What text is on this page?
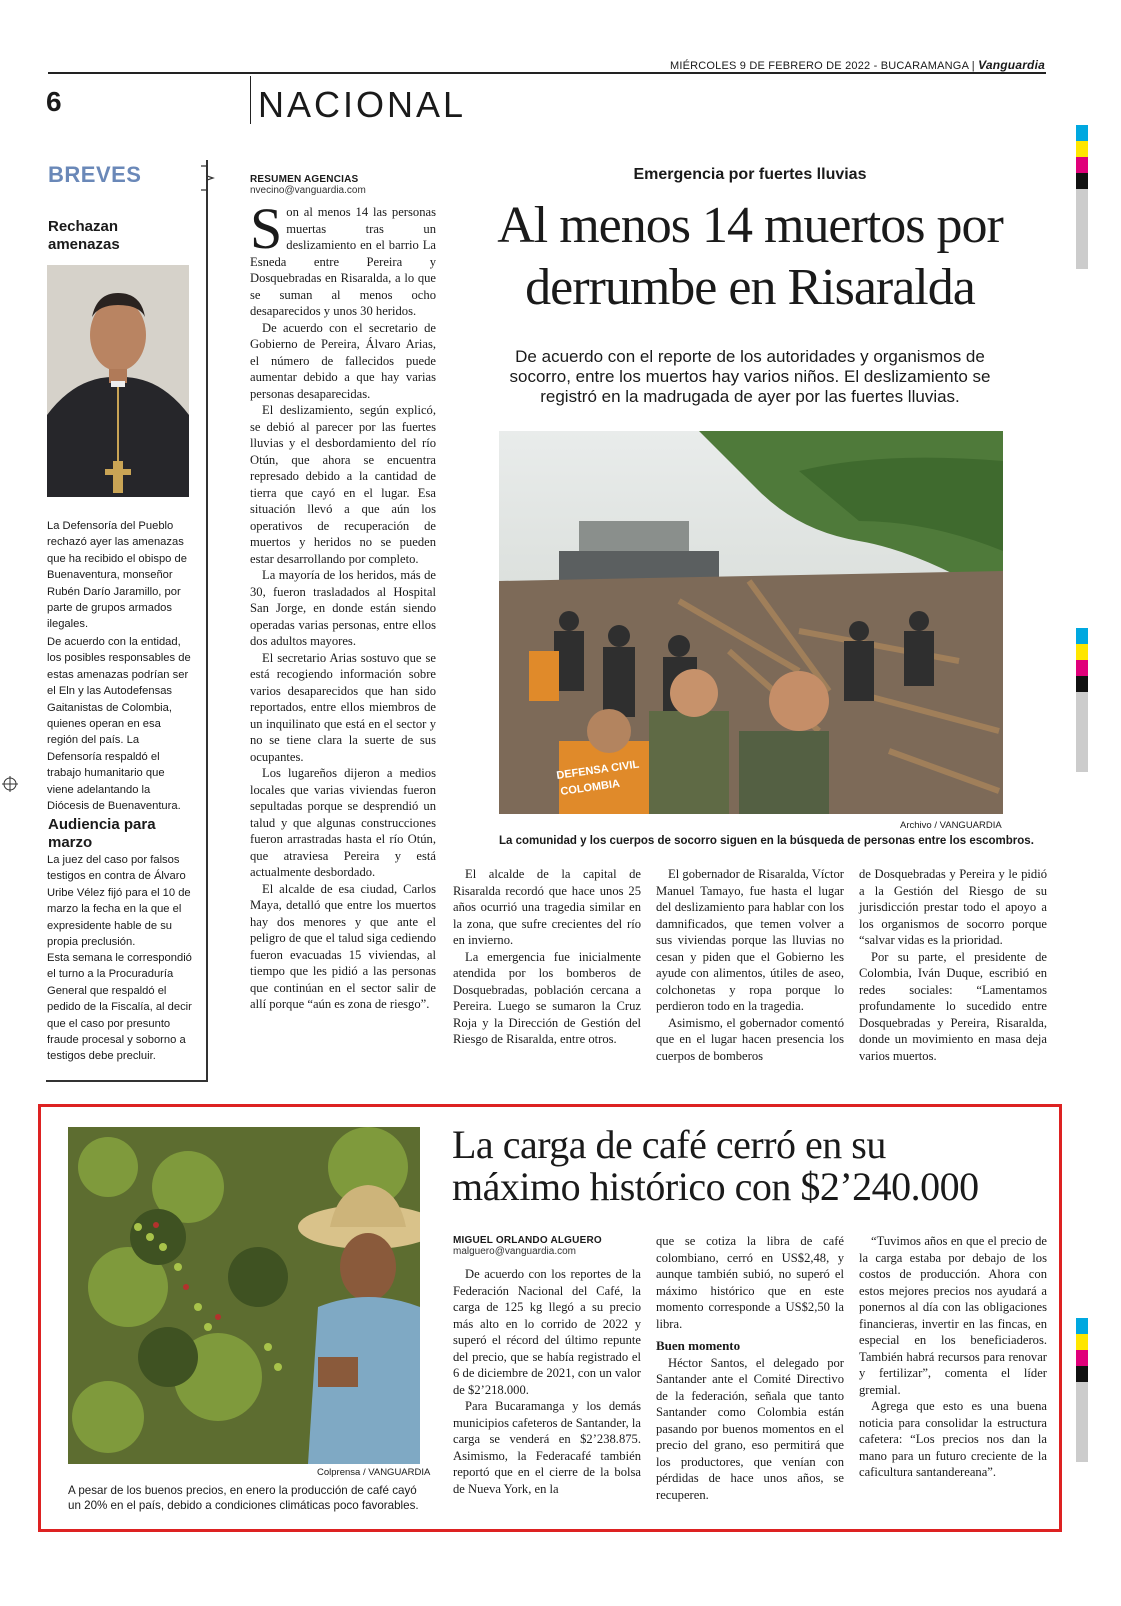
MIÉRCOLES 9 DE FEBRERO DE 2022 - BUCARAMANGA | Vanguardia
6	NACIONAL
BREVES
Rechazan amenazas
La Defensoría del Pueblo rechazó ayer las amenazas que ha recibido el obispo de Buenaventura, monseñor Rubén Darío Jaramillo, por parte de grupos armados ilegales.
De acuerdo con la entidad, los posibles responsables de estas amenazas podrían ser el Eln y las Autodefensas Gaitanistas de Colombia, quienes operan en esa región del país. La Defensoría respaldó el trabajo humanitario que viene adelantando la Diócesis de Buenaventura.
Audiencia para marzo
La juez del caso por falsos testigos en contra de Álvaro Uribe Vélez fijó para el 10 de marzo la fecha en la que el expresidente hable de su propia preclusión.
Esta semana le correspondió el turno a la Procuraduría General que respaldó el pedido de la Fiscalía, al decir que el caso por presunto fraude procesal y soborno a testigos debe precluir.
RESUMEN AGENCIAS
nvecino@vanguardia.com
S on al menos 14 las personas muertas tras un deslizamiento en el barrio La Esneda entre Pereira y Dosquebradas en Risaralda, a lo que se suman al menos ocho desaparecidos y unos 30 heridos.

De acuerdo con el secretario de Gobierno de Pereira, Álvaro Arias, el número de fallecidos puede aumentar debido a que hay varias personas desaparecidas.

El deslizamiento, según explicó, se debió al parecer por las fuertes lluvias y el desbordamiento del río Otún, que ahora se encuentra represado debido a la cantidad de tierra que cayó en el lugar. Esa situación llevó a que aún los operativos de recuperación de muertos y heridos no se pueden estar desarrollando por completo.

La mayoría de los heridos, más de 30, fueron trasladados al Hospital San Jorge, en donde están siendo operadas varias personas, entre ellos dos adultos mayores.

El secretario Arias sostuvo que se está recogiendo información sobre varios desaparecidos que han sido reportados, entre ellos miembros de un inquilinato que está en el sector y no se tiene clara la suerte de sus ocupantes.

Los lugareños dijeron a medios locales que varias viviendas fueron sepultadas porque se desprendió un talud y que algunas construcciones fueron arrastradas hasta el río Otún, que atraviesa Pereira y está actualmente desbordado.

El alcalde de esa ciudad, Carlos Maya, detalló que entre los muertos hay dos menores y que ante el peligro de que el talud siga cediendo fueron evacuadas 15 viviendas, al tiempo que les pidió a las personas que continúan en el sector salir de allí porque “aún es zona de riesgo”.

Emergencia por fuertes lluvias
Al menos 14 muertos por
derrumbe en Risaralda
De acuerdo con el reporte de los autoridades y organismos de socorro, entre los muertos hay varios niños. El deslizamiento se registró en la madrugada de ayer por las fuertes lluvias.
DEFENSA CIVIL
COLOMBIA
Archivo / VANGUARDIA
La comunidad y los cuerpos de socorro siguen en la búsqueda de personas entre los escombros.

El alcalde de la capital de Risaralda recordó que hace unos 25 años ocurrió una tragedia similar en la zona, que sufre crecientes del río en invierno.

La emergencia fue inicialmente atendida por los bomberos de Dosquebradas, población cercana a Pereira. Luego se sumaron la Cruz Roja y la Dirección de Gestión del Riesgo de Risaralda, entre otros.

El gobernador de Risaralda, Víctor Manuel Tamayo, fue hasta el lugar del deslizamiento para hablar con los damnificados, que temen volver a sus viviendas porque las lluvias no cesan y piden que el Gobierno les ayude con alimentos, útiles de aseo, colchonetas y ropa porque lo perdieron todo en la tragedia.

Asimismo, el gobernador comentó que en el lugar hacen presencia los cuerpos de bomberos

de Dosquebradas y Pereira y le pidió a la Gestión del Riesgo de su jurisdicción prestar todo el apoyo a los organismos de socorro porque “salvar vidas es la prioridad.

Por su parte, el presidente de Colombia, Iván Duque, escribió en redes sociales: “Lamentamos profundamente lo sucedido entre Dosquebradas y Pereira, Risaralda, donde un movimiento en masa deja varios muertos.

Colprensa / VANGUARDIA
A pesar de los buenos precios, en enero la producción de café cayó un 20% en el país, debido a condiciones climáticas poco favorables.
La carga de café cerró en su
máximo histórico con $2’240.000
MIGUEL ORLANDO ALGUERO
malguero@vanguardia.com

De acuerdo con los reportes de la Federación Nacional del Café, la carga de 125 kg llegó a su precio más alto en lo corrido de 2022 y superó el récord del último repunte del precio, que se había registrado el 6 de diciembre de 2021, con un valor de $2’218.000.

Para Bucaramanga y los demás municipios cafeteros de Santander, la carga se venderá en $2’238.875. Asimismo, la Federacafé también reportó que en el cierre de la bolsa de Nueva York, en la

que se cotiza la libra de café colombiano, cerró en US$2,48, y aunque también subió, no superó el máximo histórico que en este momento corresponde a US$2,50 la libra.

Buen momento

Héctor Santos, el delegado por Santander ante el Comité Directivo de la federación, señala que tanto Santander como Colombia están pasando por buenos momentos en el precio del grano, eso permitirá que los productores, que venían con pérdidas de hace unos años, se recuperen.

“Tuvimos años en que el precio de la carga estaba por debajo de los costos de producción. Ahora con estos mejores precios nos ayudará a ponernos al día con las obligaciones financieras, invertir en las fincas, en especial en los beneficiaderos. También habrá recursos para renovar y fertilizar”, comenta el líder gremial.

Agrega que esto es una buena noticia para consolidar la estructura cafetera: “Los precios nos dan la mano para un futuro creciente de la caficultura santandereana”.
